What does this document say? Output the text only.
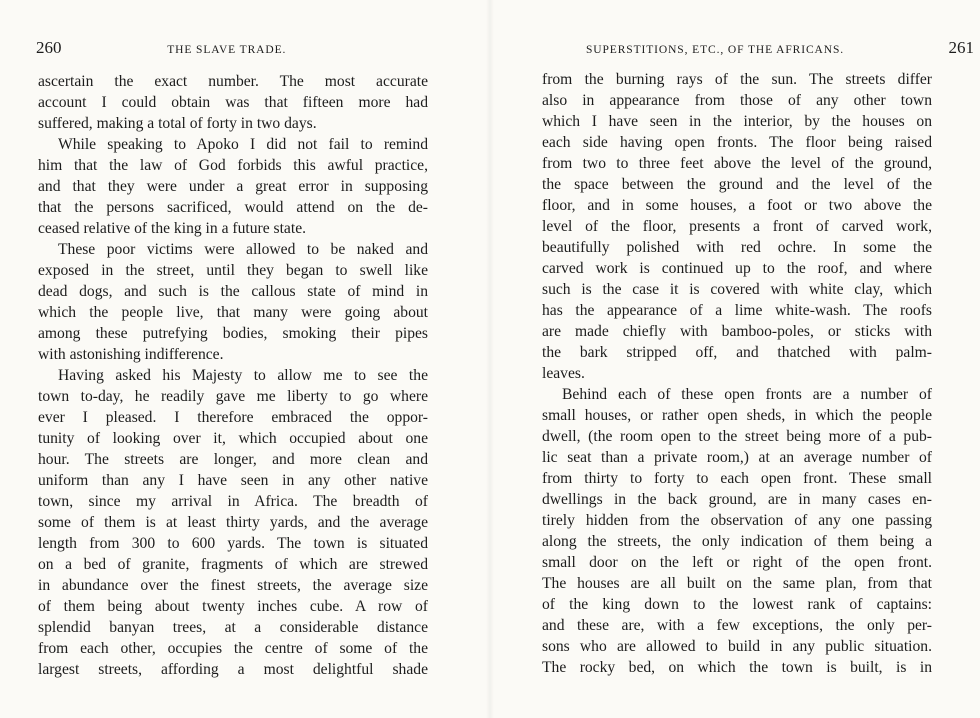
260	THE SLAVE TRADE.
ascertain the exact number. The most accurate
account I could obtain was that fifteen more had
suffered, making a total of forty in two days.
While speaking to Apoko I did not fail to remind
him that the law of God forbids this awful practice,
and that they were under a great error in supposing
that the persons sacrificed, would attend on the de-
ceased relative of the king in a future state.
These poor victims were allowed to be naked and
exposed in the street, until they began to swell like
dead dogs, and such is the callous state of mind in
which the people live, that many were going about
among these putrefying bodies, smoking their pipes
with astonishing indifference.
Having asked his Majesty to allow me to see the
town to-day, he readily gave me liberty to go where
ever I pleased. I therefore embraced the oppor-
tunity of looking over it, which occupied about one
hour. The streets are longer, and more clean and
uniform than any I have seen in any other native
town, since my arrival in Africa. The breadth of
some of them is at least thirty yards, and the average
length from 300 to 600 yards. The town is situated
on a bed of granite, fragments of which are strewed
in abundance over the finest streets, the average size
of them being about twenty inches cube. A row of
splendid banyan trees, at a considerable distance
from each other, occupies the centre of some of the
largest streets, affording a most delightful shade
SUPERSTITIONS, ETC., OF THE AFRICANS.	261
from the burning rays of the sun. The streets differ
also in appearance from those of any other town
which I have seen in the interior, by the houses on
each side having open fronts. The floor being raised
from two to three feet above the level of the ground,
the space between the ground and the level of the
floor, and in some houses, a foot or two above the
level of the floor, presents a front of carved work,
beautifully polished with red ochre. In some the
carved work is continued up to the roof, and where
such is the case it is covered with white clay, which
has the appearance of a lime white-wash. The roofs
are made chiefly with bamboo-poles, or sticks with
the bark stripped off, and thatched with palm-
leaves.
Behind each of these open fronts are a number of
small houses, or rather open sheds, in which the people
dwell, (the room open to the street being more of a pub-
lic seat than a private room,) at an average number of
from thirty to forty to each open front. These small
dwellings in the back ground, are in many cases en-
tirely hidden from the observation of any one passing
along the streets, the only indication of them being a
small door on the left or right of the open front.
The houses are all built on the same plan, from that
of the king down to the lowest rank of captains:
and these are, with a few exceptions, the only per-
sons who are allowed to build in any public situation.
The rocky bed, on which the town is built, is in
